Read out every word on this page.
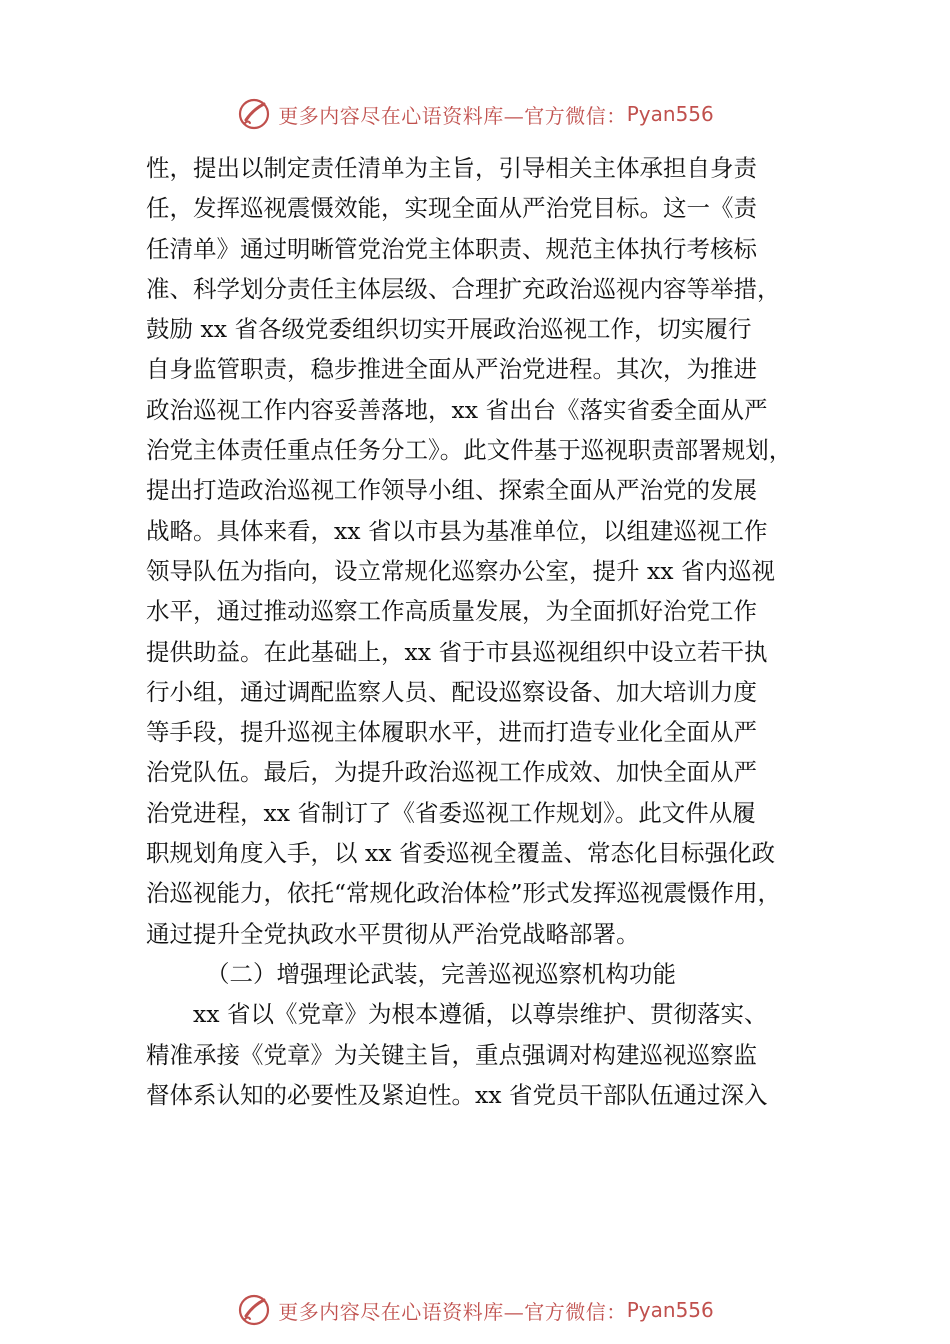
更多内容尽在心语资料库—官方微信： Pyan556
性，提出以制定责任清单为主旨，引导相关主体承担自身责
任，发挥巡视震慑效能，实现全面从严治党目标。这一《责
任清单》通过明晰管党治党主体职责、规范主体执行考核标
准、科学划分责任主体层级、合理扩充政治巡视内容等举措，
鼓励 xx 省各级党委组织切实开展政治巡视工作，切实履行
自身监管职责，稳步推进全面从严治党进程。其次，为推进
政治巡视工作内容妥善落地，xx 省出台《落实省委全面从严
治党主体责任重点任务分工》。此文件基于巡视职责部署规划，
提出打造政治巡视工作领导小组、探索全面从严治党的发展
战略。具体来看，xx 省以市县为基准单位，以组建巡视工作
领导队伍为指向，设立常规化巡察办公室，提升 xx 省内巡视
水平，通过推动巡察工作高质量发展，为全面抓好治党工作
提供助益。在此基础上，xx 省于市县巡视组织中设立若干执
行小组，通过调配监察人员、配设巡察设备、加大培训力度
等手段，提升巡视主体履职水平，进而打造专业化全面从严
治党队伍。最后，为提升政治巡视工作成效、加快全面从严
治党进程，xx 省制订了《省委巡视工作规划》。此文件从履
职规划角度入手，以 xx 省委巡视全覆盖、常态化目标强化政
治巡视能力，依托“常规化政治体检”形式发挥巡视震慑作用，
通过提升全党执政水平贯彻从严治党战略部署。
（二）增强理论武装，完善巡视巡察机构功能
xx 省以《党章》为根本遵循，以尊崇维护、贯彻落实、
精准承接《党章》为关键主旨，重点强调对构建巡视巡察监
督体系认知的必要性及紧迫性。xx 省党员干部队伍通过深入
更多内容尽在心语资料库—官方微信： Pyan556
